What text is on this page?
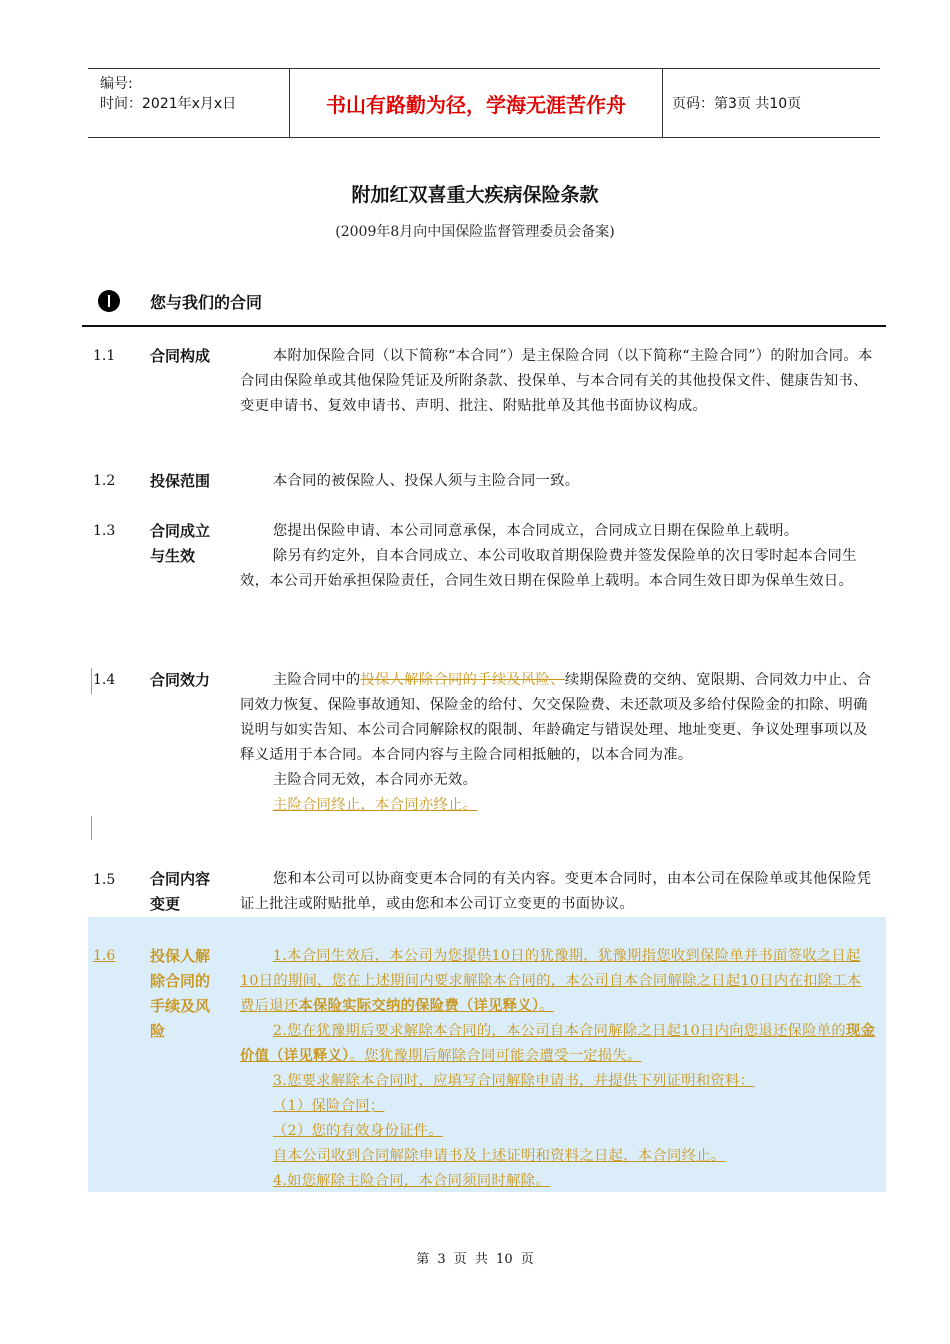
编号:
时间：2021年x月x日	书山有路勤为径，学海无涯苦作舟	页码：第3页 共10页
附加红双喜重大疾病保险条款
(2009年8月向中国保险监督管理委员会备案)
您与我们的合同
1.1 合同构成	本附加保险合同（以下简称“本合同”）是主保险合同（以下简称“主险合同”）的附加合同。本合同由保险单或其他保险凭证及所附条款、投保单、与本合同有关的其他投保文件、健康告知书、变更申请书、复效申请书、声明、批注、附贴批单及其他书面协议构成。

1.2 投保范围	本合同的被保险人、投保人须与主险合同一致。

1.3 合同成立
与生效

您提出保险申请、本公司同意承保，本合同成立，合同成立日期在保险单上载明。

除另有约定外，自本合同成立、本公司收取首期保险费并签发保险单的次日零时起本合同生效，本公司开始承担保险责任，合同生效日期在保险单上载明。本合同生效日即为保单生效日。

1.4 合同效力	主险合同中的投保人解除合同的手续及风险、续期保险费的交纳、宽限期、合同效力中止、合同效力恢复、保险事故通知、保险金的给付、欠交保险费、未还款项及多给付保险金的扣除、明确说明与如实告知、本公司合同解除权的限制、年龄确定与错误处理、地址变更、争议处理事项以及释义适用于本合同。本合同内容与主险合同相抵触的，以本合同为准。

主险合同无效，本合同亦无效。

主险合同终止，本合同亦终止。

1.5 合同内容
变更

您和本公司可以协商变更本合同的有关内容。变更本合同时，由本公司在保险单或其他保险凭证上批注或附贴批单，或由您和本公司订立变更的书面协议。

1.6 投保人解
除合同的
手续及风
险

1.本合同生效后，本公司为您提供10日的犹豫期，犹豫期指您收到保险单并书面签收之日起10日的期间，您在上述期间内要求解除本合同的，本公司自本合同解除之日起10日内在扣除工本费后退还本保险实际交纳的保险费（详见释义）。

2.您在犹豫期后要求解除本合同的，本公司自本合同解除之日起10日内向您退还保险单的现金价值（详见释义）。您犹豫期后解除合同可能会遭受一定损失。

3.您要求解除本合同时，应填写合同解除申请书，并提供下列证明和资料：

（1）保险合同；

（2）您的有效身份证件。

自本公司收到合同解除申请书及上述证明和资料之日起，本合同终止。

4.如您解除主险合同，本合同须同时解除。

第 3 页 共 10 页
